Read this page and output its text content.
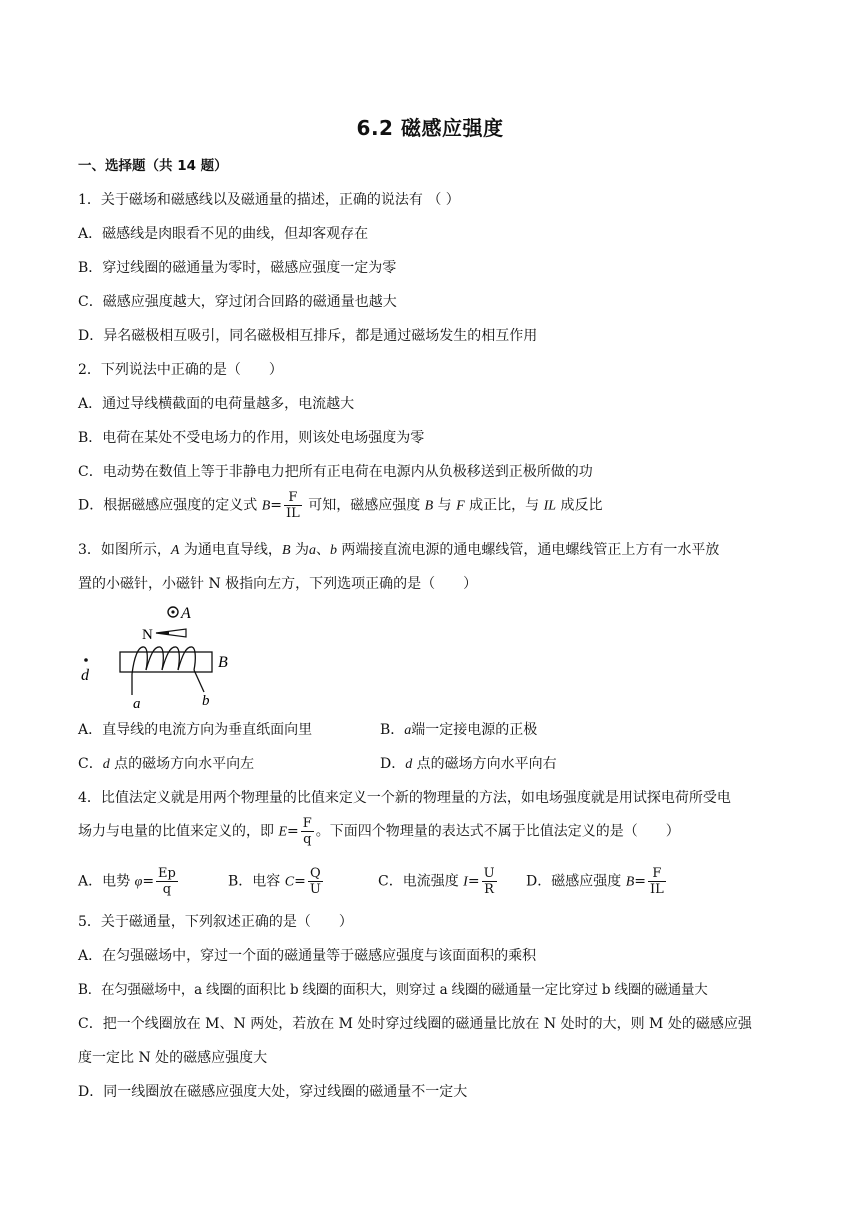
6.2 磁感应强度
一、选择题（共 14 题）
1．关于磁场和磁感线以及磁通量的描述，正确的说法有 （ ）
A．磁感线是肉眼看不见的曲线，但却客观存在
B．穿过线圈的磁通量为零时，磁感应强度一定为零
C．磁感应强度越大，穿过闭合回路的磁通量也越大
D．异名磁极相互吸引，同名磁极相互排斥，都是通过磁场发生的相互作用
2．下列说法中正确的是（　　）
A．通过导线横截面的电荷量越多，电流越大
B．电荷在某处不受电场力的作用，则该处电场强度为零
C．电动势在数值上等于非静电力把所有正电荷在电源内从负极移送到正极所做的功
D．根据磁感应强度的定义式 $B= \frac{F}{IL}$ 可知，磁感应强度 B 与 F 成正比，与 IL 成反比
3．如图所示，A 为通电直导线，B 为a、b 两端接直流电源的通电螺线管，通电螺线管正上方有一水平放
置的小磁针，小磁针 N 极指向左方，下列选项正确的是（　　）
A
N
d
a	b
B
A．直导线的电流方向为垂直纸面向里	B．a端一定接电源的正极
C．d 点的磁场方向水平向左	D．d 点的磁场方向水平向右
4．比值法定义就是用两个物理量的比值来定义一个新的物理量的方法，如电场强度就是用试探电荷所受电
场力与电量的比值来定义的，即 $E= \frac{F}{q}$ 。下面四个物理量的表达式不属于比值法定义的是（　　）
A．电势 $\varphi= \frac{Ep}{q}$	B．电容 $C= \frac{Q}{U}$	C．电流强度 $I= \frac{U}{R}$ D．磁感应强度 $B= \frac{F}{IL}$
5．关于磁通量，下列叙述正确的是（　　）
A．在匀强磁场中，穿过一个面的磁通量等于磁感应强度与该面面积的乘积
B．在匀强磁场中，a 线圈的面积比 b 线圈的面积大，则穿过 a 线圈的磁通量一定比穿过 b 线圈的磁通量大
C．把一个线圈放在 M、N 两处，若放在 M 处时穿过线圈的磁通量比放在 N 处时的大，则 M 处的磁感应强
度一定比 N 处的磁感应强度大
D．同一线圈放在磁感应强度大处，穿过线圈的磁通量不一定大
